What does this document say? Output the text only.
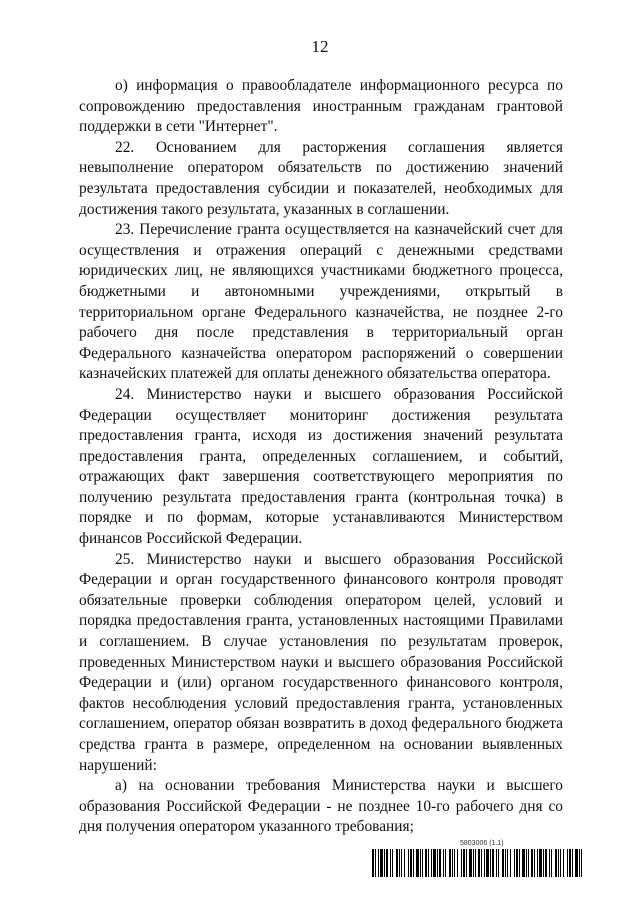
12

о) информация о правообладателе информационного ресурса по сопровождению предоставления иностранным гражданам грантовой поддержки в сети "Интернет".

22. Основанием для расторжения соглашения является невыполнение оператором обязательств по достижению значений результата предоставления субсидии и показателей, необходимых для достижения такого результата, указанных в соглашении.

23. Перечисление гранта осуществляется на казначейский счет для осуществления и отражения операций с денежными средствами юридических лиц, не являющихся участниками бюджетного процесса, бюджетными и автономными учреждениями, открытый в территориальном органе Федерального казначейства, не позднее 2-го рабочего дня после представления в территориальный орган Федерального казначейства оператором распоряжений о совершении казначейских платежей для оплаты денежного обязательства оператора.

24. Министерство науки и высшего образования Российской Федерации осуществляет мониторинг достижения результата предоставления гранта, исходя из достижения значений результата предоставления гранта, определенных соглашением, и событий, отражающих факт завершения соответствующего мероприятия по получению результата предоставления гранта (контрольная точка) в порядке и по формам, которые устанавливаются Министерством финансов Российской Федерации.

25. Министерство науки и высшего образования Российской Федерации и орган государственного финансового контроля проводят обязательные проверки соблюдения оператором целей, условий и порядка предоставления гранта, установленных настоящими Правилами и соглашением. В случае установления по результатам проверок, проведенных Министерством науки и высшего образования Российской Федерации и (или) органом государственного финансового контроля, фактов несоблюдения условий предоставления гранта, установленных соглашением, оператор обязан возвратить в доход федерального бюджета средства гранта в размере, определенном на основании выявленных нарушений:

а) на основании требования Министерства науки и высшего образования Российской Федерации - не позднее 10-го рабочего дня со дня получения оператором указанного требования;

5803006 (1.1)
